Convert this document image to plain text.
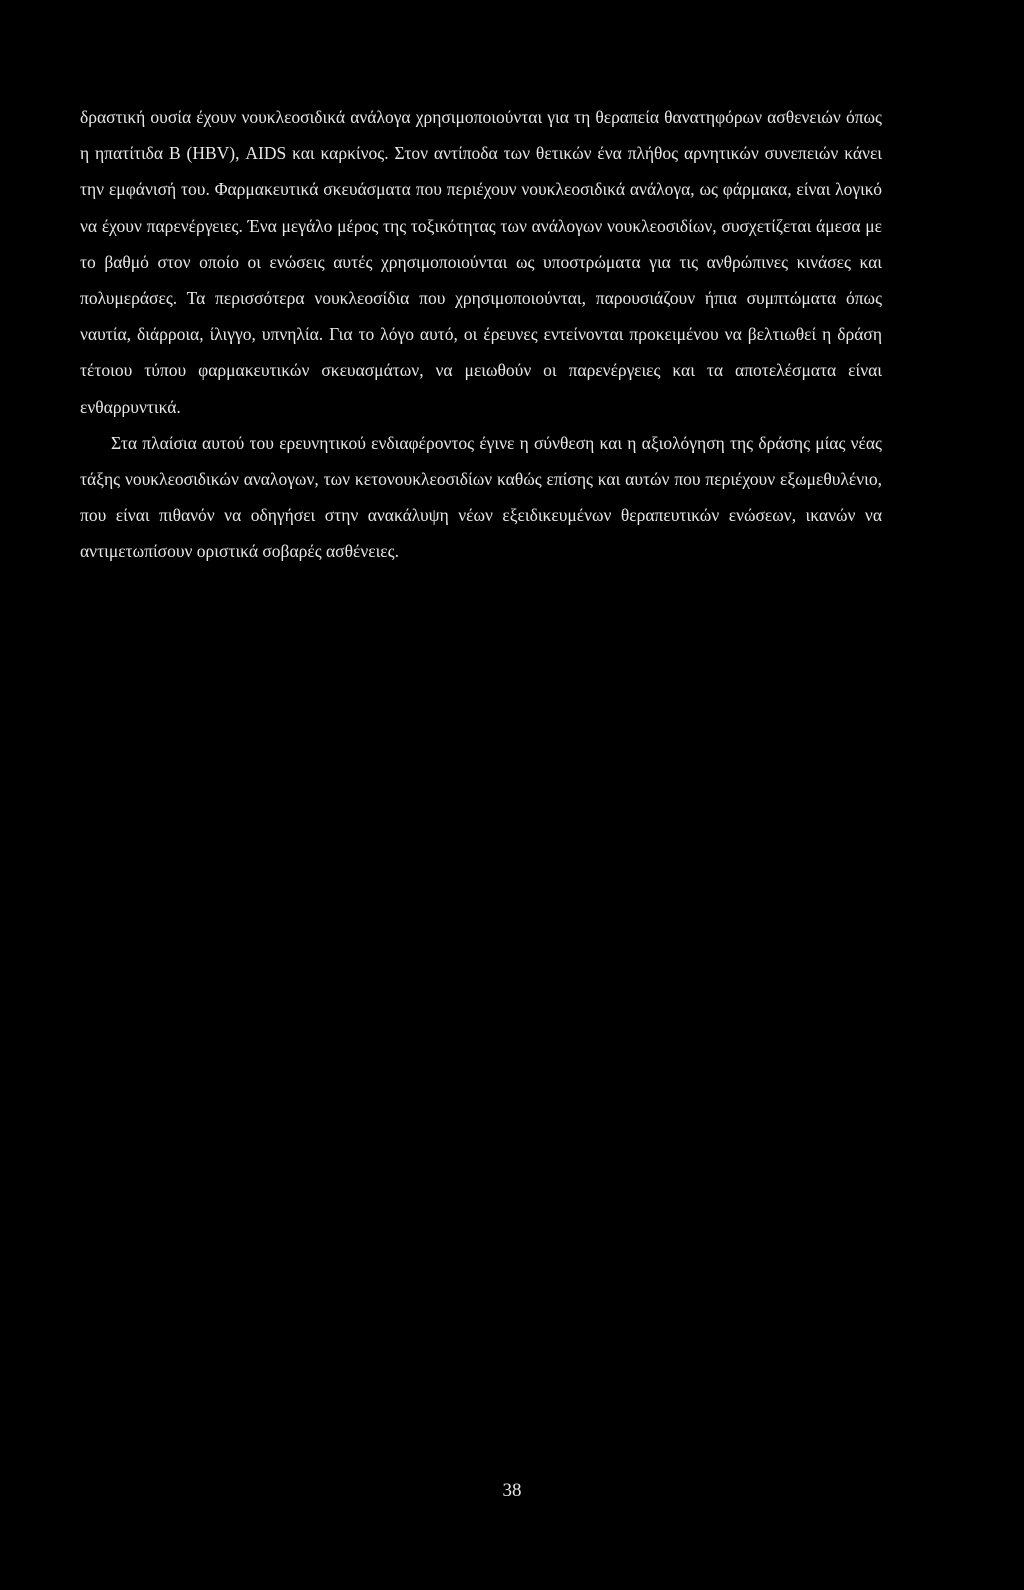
δραστική ουσία έχουν νουκλεοσιδικά ανάλογα χρησιμοποιούνται για τη θεραπεία θανατηφόρων ασθενειών όπως η ηπατίτιδα Β (HBV), AIDS και καρκίνος. Στον αντίποδα των θετικών ένα πλήθος αρνητικών συνεπειών κάνει την εμφάνισή του. Φαρμακευτικά σκευάσματα που περιέχουν νουκλεοσιδικά ανάλογα, ως φάρμακα, είναι λογικό να έχουν παρενέργειες. Ένα μεγάλο μέρος της τοξικότητας των ανάλογων νουκλεοσιδίων, συσχετίζεται άμεσα με το βαθμό στον οποίο οι ενώσεις αυτές χρησιμοποιούνται ως υποστρώματα για τις ανθρώπινες κινάσες και πολυμεράσες. Τα περισσότερα νουκλεοσίδια που χρησιμοποιούνται, παρουσιάζουν ήπια συμπτώματα όπως ναυτία, διάρροια, ίλιγγο, υπνηλία. Για το λόγο αυτό, οι έρευνες εντείνονται προκειμένου να βελτιωθεί η δράση τέτοιου τύπου φαρμακευτικών σκευασμάτων, να μειωθούν οι παρενέργειες και τα αποτελέσματα είναι ενθαρρυντικά.

Στα πλαίσια αυτού του ερευνητικού ενδιαφέροντος έγινε η σύνθεση και η αξιολόγηση της δράσης μίας νέας τάξης νουκλεοσιδικών αναλογων, των κετονουκλεοσιδίων καθώς επίσης και αυτών που περιέχουν εξωμεθυλένιο, που είναι πιθανόν να οδηγήσει στην ανακάλυψη νέων εξειδικευμένων θεραπευτικών ενώσεων, ικανών να αντιμετωπίσουν οριστικά σοβαρές ασθένειες.

38
